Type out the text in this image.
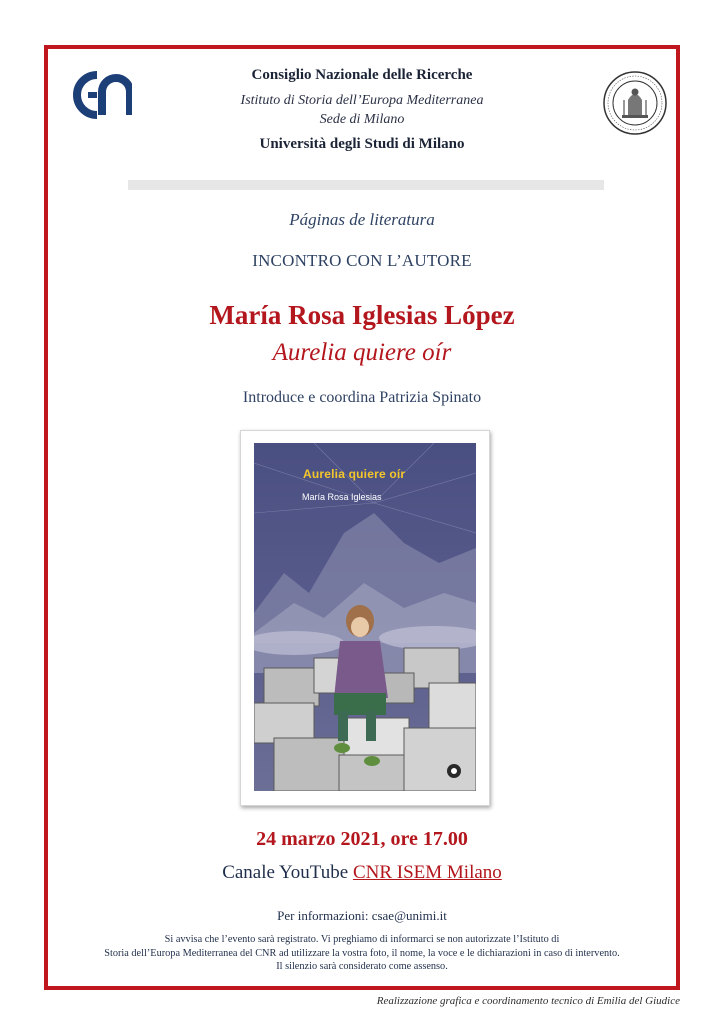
Consiglio Nazionale delle Ricerche
Istituto di Storia dell’Europa Mediterranea
Sede di Milano
Università degli Studi di Milano
Páginas de literatura
INCONTRO CON L’AUTORE
María Rosa Iglesias López
Aurelia quiere oír
Introduce e coordina Patrizia Spinato
Aurelia quiere oír
María Rosa Iglesias
24 marzo 2021, ore 17.00
Canale YouTube CNR ISEM Milano
Per informazioni: csae@unimi.it
Si avvisa che l’evento sarà registrato. Vi preghiamo di informarci se non autorizzate l’Istituto di
Storia dell’Europa Mediterranea del CNR ad utilizzare la vostra foto, il nome, la voce e le dichiarazioni in caso di intervento.
Il silenzio sarà considerato come assenso.
Realizzazione grafica e coordinamento tecnico di Emilia del Giudice
